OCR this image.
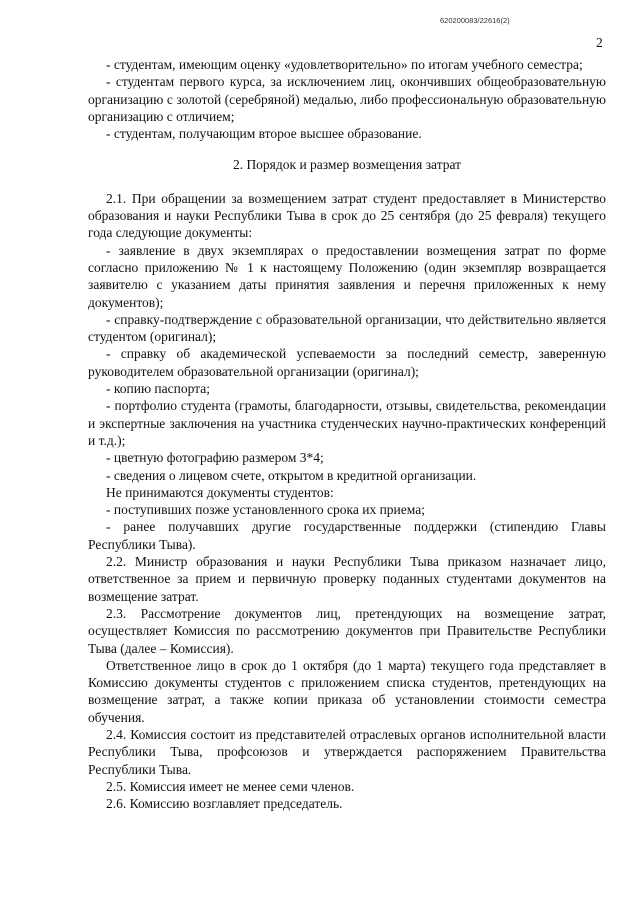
620200083/22616(2)
2

- студентам, имеющим оценку «удовлетворительно» по итогам учебного семестра;

- студентам первого курса, за исключением лиц, окончивших общеобразовательную организацию с золотой (серебряной) медалью, либо профессиональную образовательную организацию с отличием;

- студентам, получающим второе высшее образование.

2. Порядок и размер возмещения затрат

2.1. При обращении за возмещением затрат студент предоставляет в Министерство образования и науки Республики Тыва в срок до 25 сентября (до 25 февраля) текущего года следующие документы:

- заявление в двух экземплярах о предоставлении возмещения затрат по форме согласно приложению № 1 к настоящему Положению (один экземпляр возвращается заявителю с указанием даты принятия заявления и перечня приложенных к нему документов);

- справку-подтверждение с образовательной организации, что действительно является студентом (оригинал);

- справку об академической успеваемости за последний семестр, заверенную руководителем образовательной организации (оригинал);

- копию паспорта;

- портфолио студента (грамоты, благодарности, отзывы, свидетельства, рекомендации и экспертные заключения на участника студенческих научно-практических конференций и т.д.);

- цветную фотографию размером 3*4;

- сведения о лицевом счете, открытом в кредитной организации.

Не принимаются документы студентов:

- поступивших позже установленного срока их приема;

- ранее получавших другие государственные поддержки (стипендию Главы Республики Тыва).

2.2. Министр образования и науки Республики Тыва приказом назначает лицо, ответственное за прием и первичную проверку поданных студентами документов на возмещение затрат.

2.3. Рассмотрение документов лиц, претендующих на возмещение затрат, осуществляет Комиссия по рассмотрению документов при Правительстве Республики Тыва (далее – Комиссия).

Ответственное лицо в срок до 1 октября (до 1 марта) текущего года представляет в Комиссию документы студентов с приложением списка студентов, претендующих на возмещение затрат, а также копии приказа об установлении стоимости семестра обучения.

2.4. Комиссия состоит из представителей отраслевых органов исполнительной власти Республики Тыва, профсоюзов и утверждается распоряжением Правительства Республики Тыва.

2.5. Комиссия имеет не менее семи членов.

2.6. Комиссию возглавляет председатель.
